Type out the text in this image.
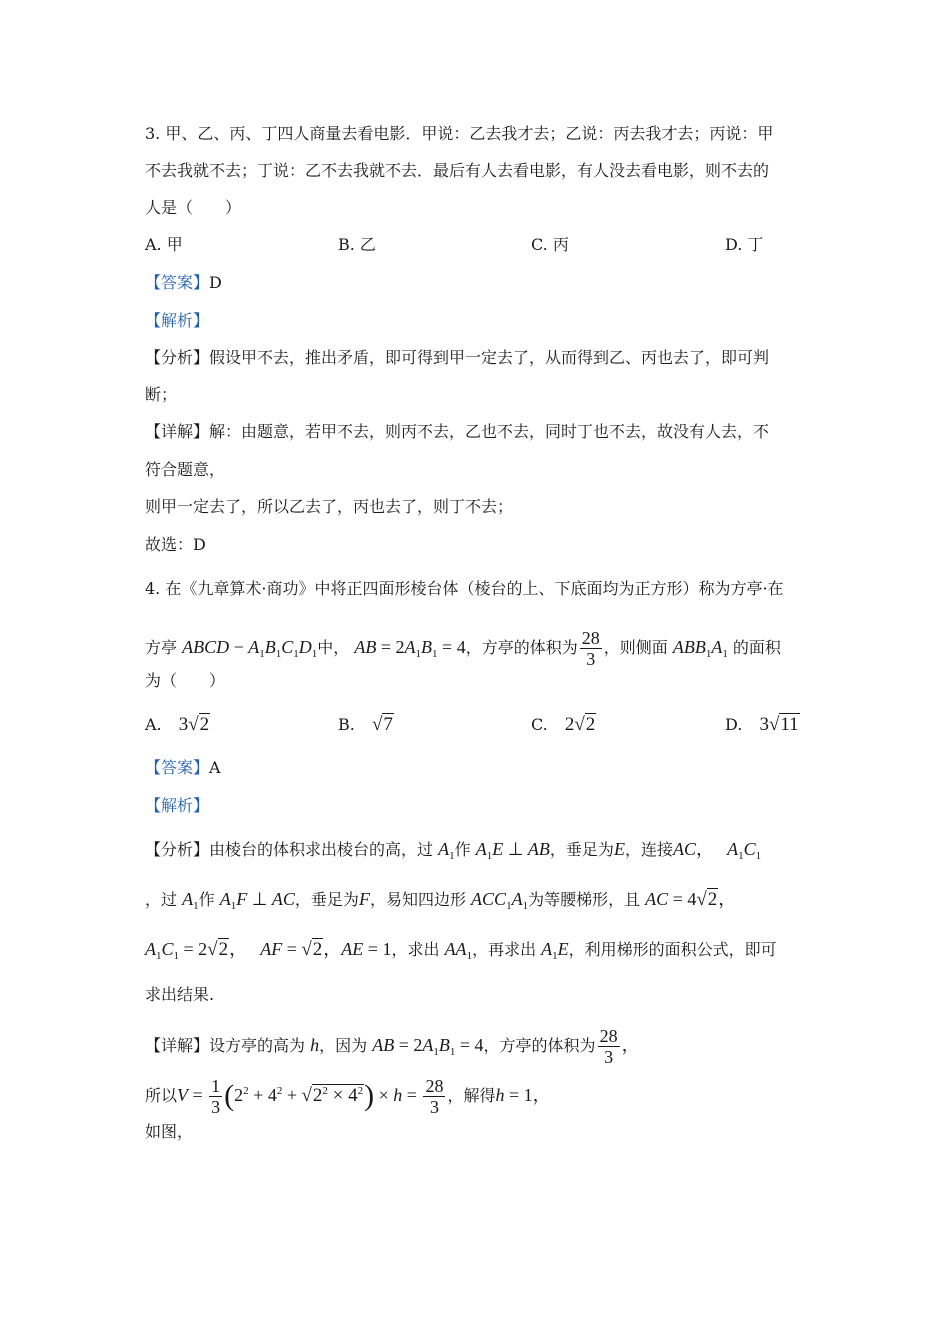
3. 甲、乙、丙、丁四人商量去看电影．甲说：乙去我才去；乙说：丙去我才去；丙说：甲
不去我就不去；丁说：乙不去我就不去．最后有人去看电影，有人没去看电影，则不去的
人是（　　）
A. 甲	B. 乙	C. 丙	D. 丁
【答案】D
【解析】
【分析】假设甲不去，推出矛盾，即可得到甲一定去了，从而得到乙、丙也去了，即可判
断；
【详解】解：由题意，若甲不去，则丙不去，乙也不去，同时丁也不去，故没有人去，不
符合题意，
则甲一定去了，所以乙去了，丙也去了，则丁不去；
故选：D
4. 在《九章算术·商功》中将正四面形棱台体（棱台的上、下底面均为正方形）称为方亭·在
方亭 ABCD − $A_1B_1C_1D_1$中， AB = $2A_1B_1 = 4$，方亭的体积为 $\frac{28}{3}$ ，则侧面 $ABB_1A_1$ 的面积
为（　　）
A. 3√2	B. √7	C. 2√2	D. 3√11
【答案】A
【解析】
【分析】由棱台的体积求出棱台的高，过 $A_1$作 $A_1E$ ⊥ AB，垂足为E，连接AC， $A_1C_1$
，过 $A_1$作 $A_1F$ ⊥ AC，垂足为F，易知四边形 $ACC_1A_1$为等腰梯形，且 AC = 4√2，
$A_1C_1 = 2√2$， AF = √2，AE = 1，求出 $AA_1$，再求出 $A_1E$，利用梯形的面积公式，即可
求出结果.
【详解】设方亭的高为 h，因为 AB = $2A_1B_1 = 4$，方亭的体积为 $\frac{28}{3}$ ，
所以$V = \frac{1}{3} (2^2 + 4^2 + √2^2 \times 4^2) \times h = \frac{28}{3}$ ，解得h = 1，
如图，
